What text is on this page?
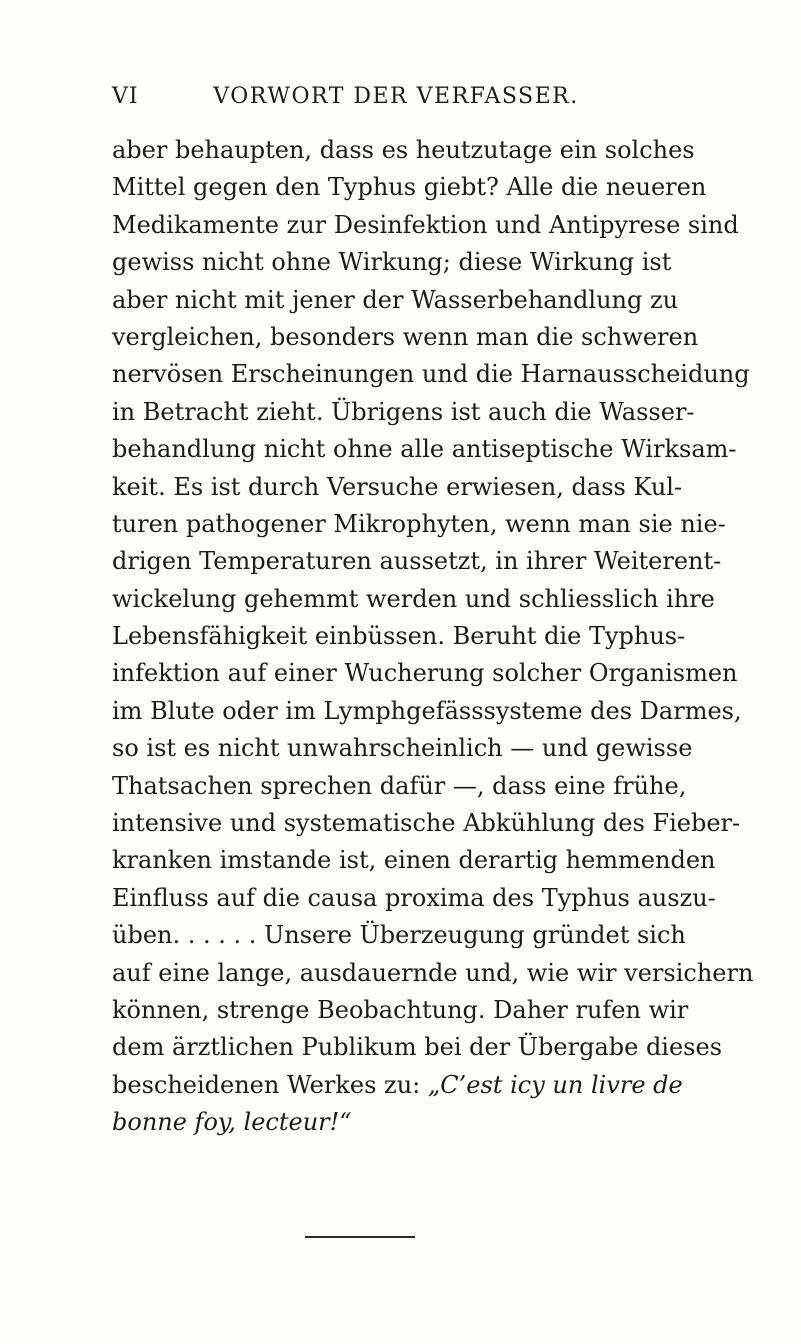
VI	VORWORT DER VERFASSER.
aber behaupten, dass es heutzutage ein solches
Mittel gegen den Typhus giebt? Alle die neueren
Medikamente zur Desinfektion und Antipyrese sind
gewiss nicht ohne Wirkung; diese Wirkung ist
aber nicht mit jener der Wasserbehandlung zu
vergleichen, besonders wenn man die schweren
nervösen Erscheinungen und die Harnausscheidung
in Betracht zieht. Übrigens ist auch die Wasser-
behandlung nicht ohne alle antiseptische Wirksam-
keit. Es ist durch Versuche erwiesen, dass Kul-
turen pathogener Mikrophyten, wenn man sie nie-
drigen Temperaturen aussetzt, in ihrer Weiterent-
wickelung gehemmt werden und schliesslich ihre
Lebensfähigkeit einbüssen. Beruht die Typhus-
infektion auf einer Wucherung solcher Organismen
im Blute oder im Lymphgefässsysteme des Darmes,
so ist es nicht unwahrscheinlich — und gewisse
Thatsachen sprechen dafür —, dass eine frühe,
intensive und systematische Abkühlung des Fieber-
kranken imstande ist, einen derartig hemmenden
Einfluss auf die causa proxima des Typhus auszu-
üben. . . . . . Unsere Überzeugung gründet sich
auf eine lange, ausdauernde und, wie wir versichern
können, strenge Beobachtung. Daher rufen wir
dem ärztlichen Publikum bei der Übergabe dieses
bescheidenen Werkes zu: „C’est icy un livre de
bonne foy, lecteur!“
